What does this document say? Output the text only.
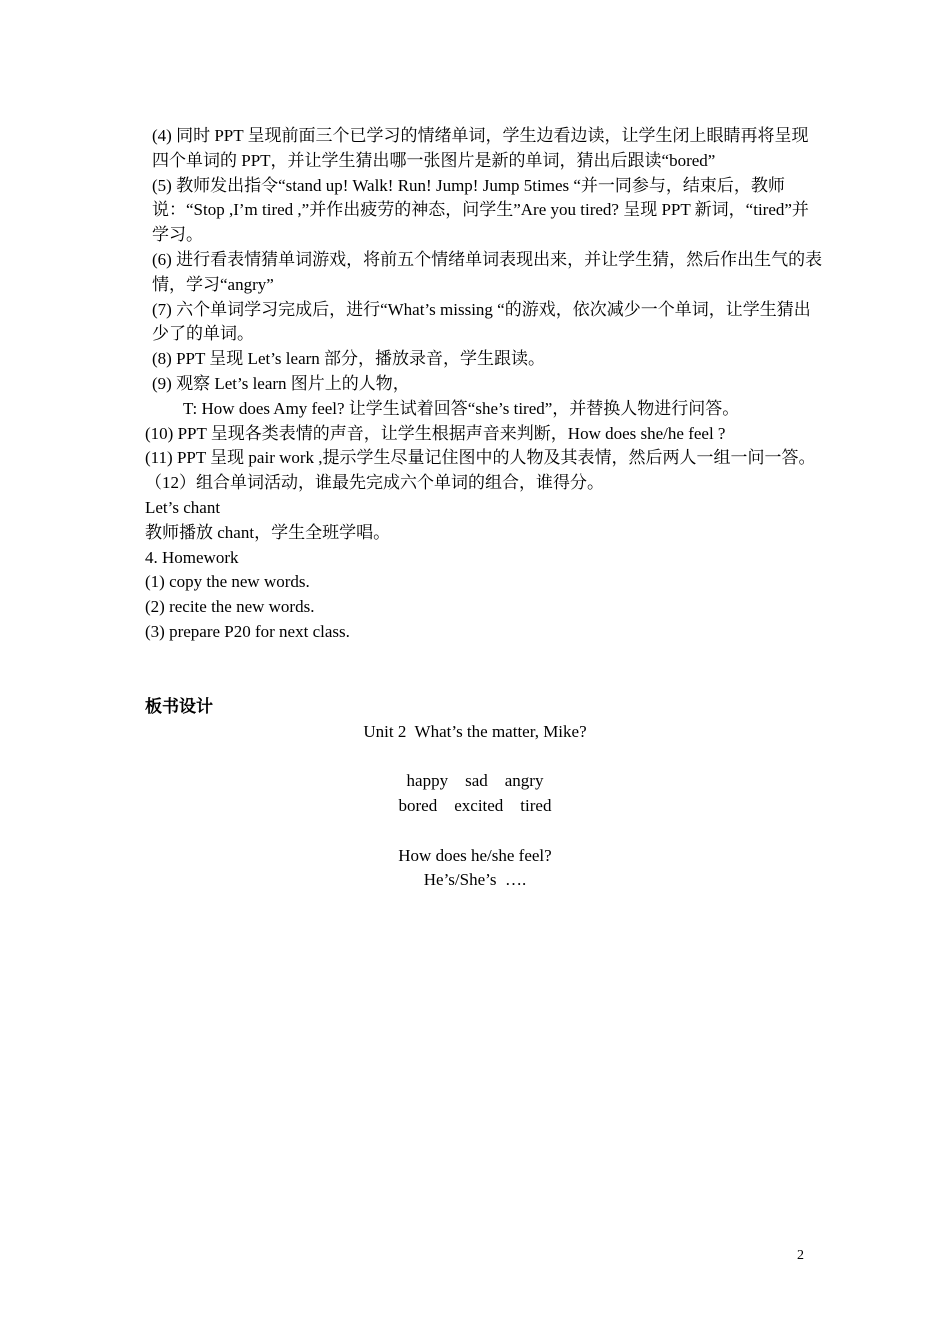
(4) 同时 PPT 呈现前面三个已学习的情绪单词，学生边看边读，让学生闭上眼睛再将呈现四个单词的 PPT，并让学生猜出哪一张图片是新的单词，猜出后跟读“bored”

(5) 教师发出指令“stand up! Walk! Run! Jump! Jump 5times “并一同参与，结束后，教师说：“Stop ,I’m tired ,”并作出疲劳的神态，问学生”Are you tired? 呈现 PPT 新词，“tired”并学习。

(6) 进行看表情猜单词游戏，将前五个情绪单词表现出来，并让学生猜，然后作出生气的表情，学习“angry”

(7) 六个单词学习完成后，进行“What’s missing “的游戏，依次减少一个单词，让学生猜出少了的单词。

(8) PPT 呈现 Let’s learn 部分，播放录音，学生跟读。

(9) 观察 Let’s learn 图片上的人物，

T: How does Amy feel? 让学生试着回答“she’s tired”，并替换人物进行问答。

(10) PPT 呈现各类表情的声音，让学生根据声音来判断，How does she/he feel ?

(11) PPT 呈现 pair work ,提示学生尽量记住图中的人物及其表情，然后两人一组一问一答。

（12）组合单词活动，谁最先完成六个单词的组合，谁得分。

Let’s chant

教师播放 chant，学生全班学唱。

4. Homework

(1) copy the new words.

(2) recite the new words.

(3) prepare P20 for next class.

板书设计

Unit 2  What’s the matter, Mike?

happy    sad    angry

bored    excited    tired

How does he/she feel?

He’s/She’s  ….

2
